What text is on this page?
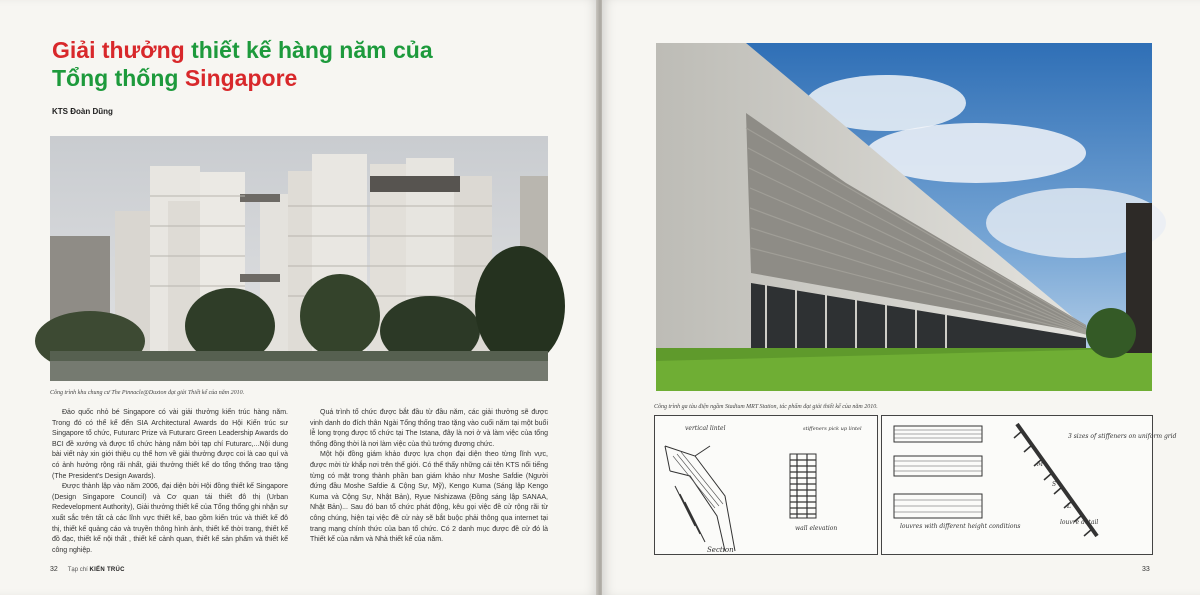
Giải thưởng thiết kế hàng năm của
Tổng thống Singapore
KTS Đoàn Dũng
Công trình khu chung cư The Pinnacle@Duxton đạt giải Thiết kế của năm 2010.

Đảo quốc nhỏ bé Singapore có vài giải thưởng kiến trúc hàng năm. Trong đó có thể kể đến SIA Architectural Awards do Hội Kiến trúc sư Singapore tổ chức, Futurarc Prize và Futurarc Green Leadership Awards do BCI đề xướng và được tổ chức hàng năm bởi tạp chí Futurarc,...Nội dung bài viết này xin giới thiệu cụ thể hơn về giải thưởng được coi là cao quí và có ảnh hưởng rộng rãi nhất, giải thưởng thiết kế do tổng thống trao tặng (The President's Design Awards).

Được thành lập vào năm 2006, đại diện bởi Hội đồng thiết kế Singapore (Design Singapore Council) và Cơ quan tái thiết đô thị (Urban Redevelopment Authority), Giải thưởng thiết kế của Tổng thống ghi nhận sự xuất sắc trên tất cả các lĩnh vực thiết kế, bao gồm kiến trúc và thiết kế đô thị, thiết kế quảng cáo và truyền thông hình ảnh, thiết kế thời trang, thiết kế đồ đạc, thiết kế nội thất , thiết kế cảnh quan, thiết kế sản phẩm và thiết kế công nghiệp.

Quá trình tổ chức được bắt đầu từ đầu năm, các giải thưởng sẽ được vinh danh do đích thân Ngài Tổng thống trao tặng vào cuối năm tại một buổi lễ long trọng được tổ chức tại The Istana, đây là nơi ở và làm việc của tổng thống đồng thời là nơi làm việc của thủ tướng đương chức.

Một hội đồng giám khảo được lựa chọn đại diện theo từng lĩnh vực, được mời từ khắp nơi trên thế giới. Có thể thấy những cái tên KTS nổi tiếng từng có mặt trong thành phần ban giám khảo như Moshe Safdie (Người đứng đầu Moshe Safdie & Cộng Sự, Mỹ), Kengo Kuma (Sáng lập Kengo Kuma và Cộng Sự, Nhật Bản), Ryue Nishizawa (Đồng sáng lập SANAA, Nhật Bản)... Sau đó ban tổ chức phát động, kêu gọi việc đề cử rộng rãi từ công chúng, hiện tại việc đề cử này sẽ bắt buộc phải thông qua internet tại trang mạng chính thức của ban tổ chức. Có 2 danh mục được đề cử đó là Thiết kế của năm và Nhà thiết kế của năm.

32 Tạp chí KIẾN TRÚC
Công trình ga tàu điện ngầm Stadium MRT Station, tác phẩm đạt giải thiết kế của năm 2010.
vertical lintel
Section
stiffeners pick up lintel
wall elevation	louvres with different height conditions
3 sizes of stiffeners on uniform grid
louvre detail
M
S
L
33
